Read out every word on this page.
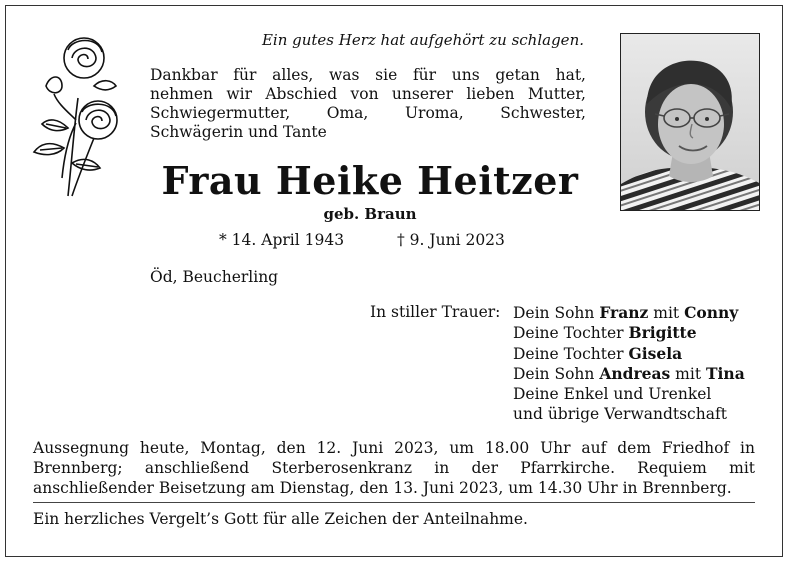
Ein gutes Herz hat aufgehört zu schlagen.

Dankbar für alles, was sie für uns getan hat,

nehmen wir Abschied von unserer lieben Mutter,

Schwiegermutter, Oma, Uroma, Schwester,

Schwägerin und Tante

Frau Heike Heitzer
geb. Braun
* 14. April 1943	† 9. Juni 2023
Öd, Beucherling
In stiller Trauer: Dein Sohn Franz mit Conny
Deine Tochter Brigitte
Deine Tochter Gisela
Dein Sohn Andreas mit Tina
Deine Enkel und Urenkel
und übrige Verwandtschaft
Aussegnung heute, Montag, den 12. Juni 2023, um 18.00 Uhr auf dem Friedhof in Brennberg; anschließend Sterberosenkranz in der Pfarrkirche. Requiem mit anschließender Beisetzung am Dienstag, den 13. Juni 2023, um 14.30 Uhr in Brennberg.
Ein herzliches Vergelt’s Gott für alle Zeichen der Anteilnahme.
